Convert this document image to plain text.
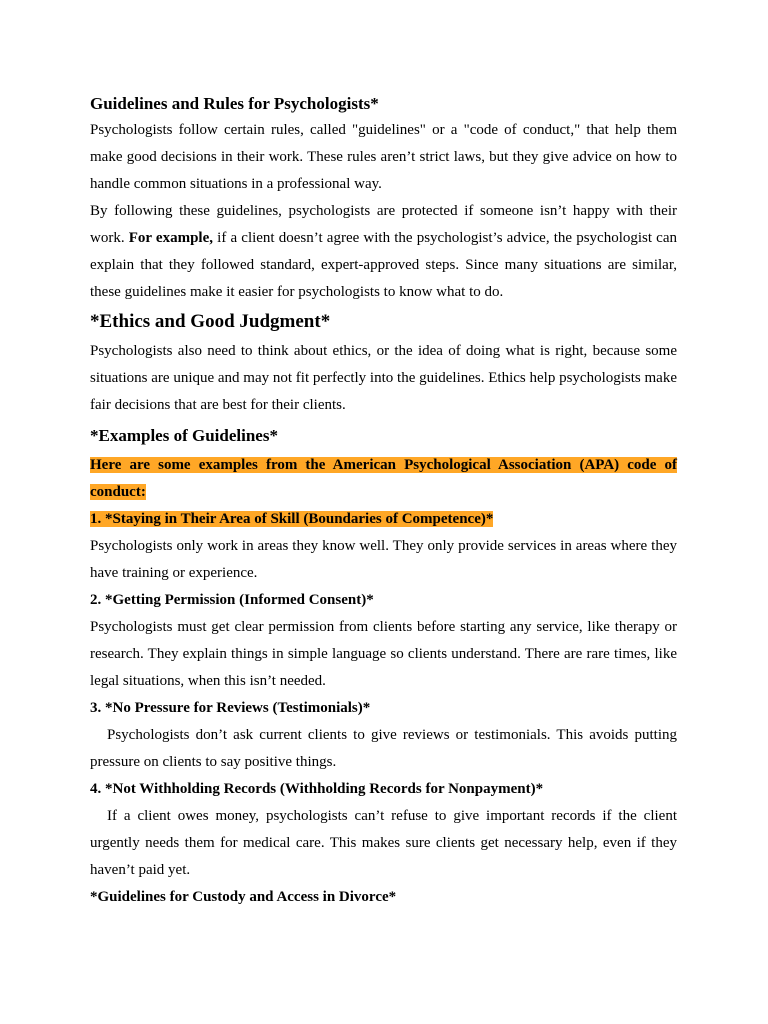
Guidelines and Rules for Psychologists*

Psychologists follow certain rules, called "guidelines" or a "code of conduct," that help them make good decisions in their work. These rules aren’t strict laws, but they give advice on how to handle common situations in a professional way.

By following these guidelines, psychologists are protected if someone isn’t happy with their work. For example, if a client doesn’t agree with the psychologist’s advice, the psychologist can explain that they followed standard, expert-approved steps. Since many situations are similar, these guidelines make it easier for psychologists to know what to do.

*Ethics and Good Judgment*

Psychologists also need to think about ethics, or the idea of doing what is right, because some situations are unique and may not fit perfectly into the guidelines. Ethics help psychologists make fair decisions that are best for their clients.

*Examples of Guidelines*

Here are some examples from the American Psychological Association (APA) code of conduct:

1. *Staying in Their Area of Skill (Boundaries of Competence)*

Psychologists only work in areas they know well. They only provide services in areas where they have training or experience.

2. *Getting Permission (Informed Consent)*

Psychologists must get clear permission from clients before starting any service, like therapy or research. They explain things in simple language so clients understand. There are rare times, like legal situations, when this isn’t needed.

3. *No Pressure for Reviews (Testimonials)*

Psychologists don’t ask current clients to give reviews or testimonials. This avoids putting pressure on clients to say positive things.

4. *Not Withholding Records (Withholding Records for Nonpayment)*

If a client owes money, psychologists can’t refuse to give important records if the client urgently needs them for medical care. This makes sure clients get necessary help, even if they haven’t paid yet.

*Guidelines for Custody and Access in Divorce*
